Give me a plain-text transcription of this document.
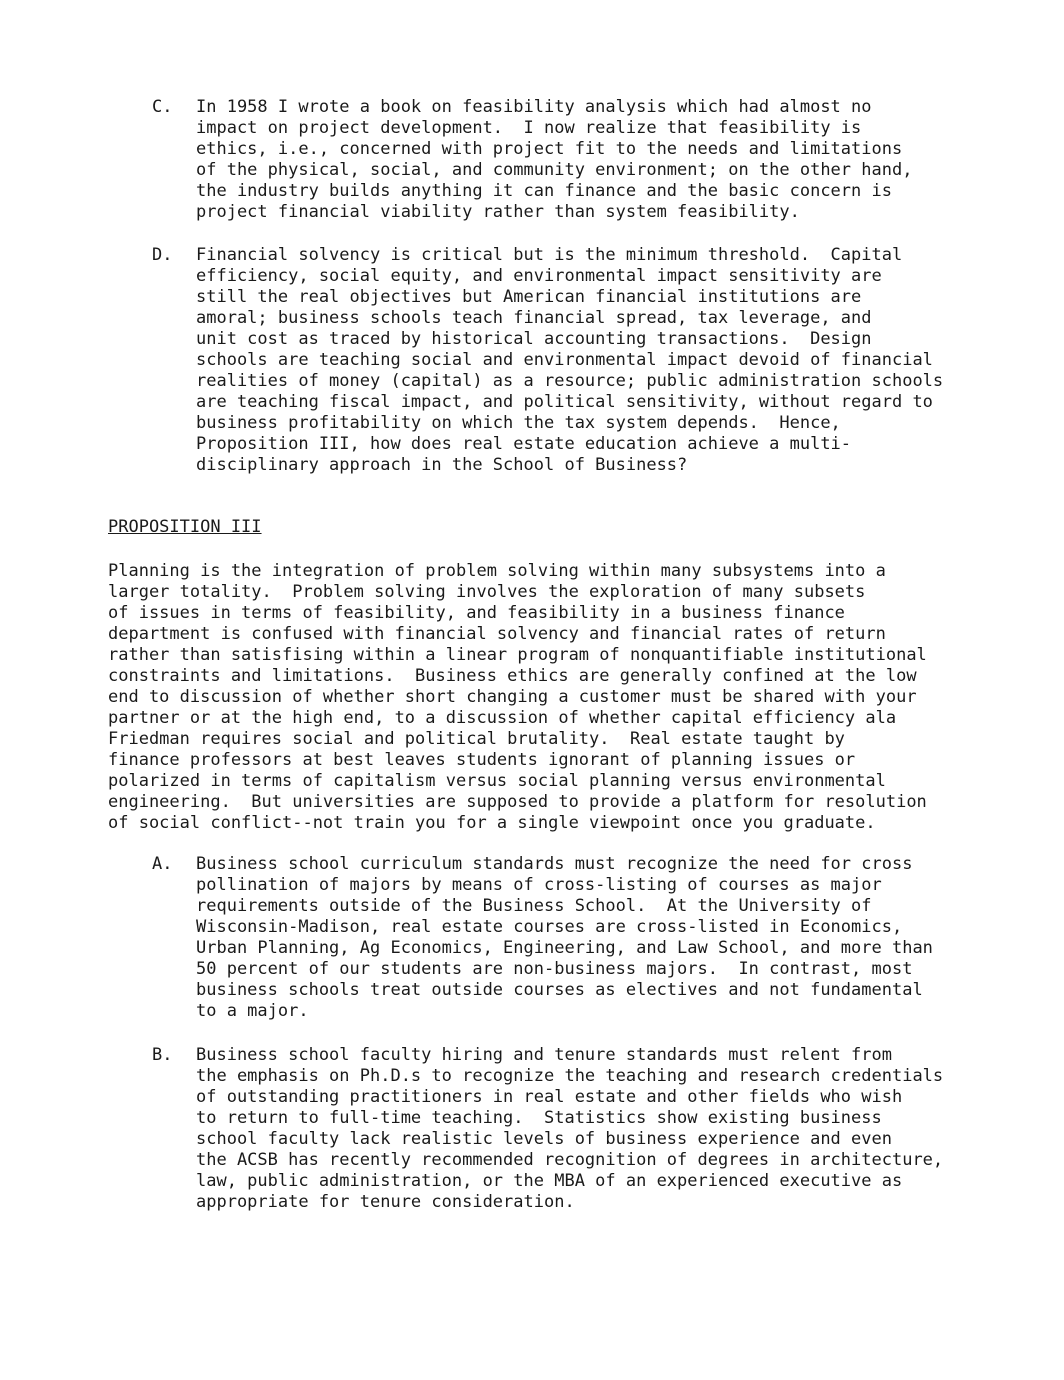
C.	In 1958 I wrote a book on feasibility analysis which had almost no
impact on project development.  I now realize that feasibility is
ethics, i.e., concerned with project fit to the needs and limitations
of the physical, social, and community environment; on the other hand,
the industry builds anything it can finance and the basic concern is
project financial viability rather than system feasibility.
D.	Financial solvency is critical but is the minimum threshold.  Capital
efficiency, social equity, and environmental impact sensitivity are
still the real objectives but American financial institutions are
amoral; business schools teach financial spread, tax leverage, and
unit cost as traced by historical accounting transactions.  Design
schools are teaching social and environmental impact devoid of financial
realities of money (capital) as a resource; public administration schools
are teaching fiscal impact, and political sensitivity, without regard to
business profitability on which the tax system depends.  Hence,
Proposition III, how does real estate education achieve a multi-
disciplinary approach in the School of Business?
PROPOSITION III
Planning is the integration of problem solving within many subsystems into a
larger totality.  Problem solving involves the exploration of many subsets
of issues in terms of feasibility, and feasibility in a business finance
department is confused with financial solvency and financial rates of return
rather than satisfising within a linear program of nonquantifiable institutional
constraints and limitations.  Business ethics are generally confined at the low
end to discussion of whether short changing a customer must be shared with your
partner or at the high end, to a discussion of whether capital efficiency ala
Friedman requires social and political brutality.  Real estate taught by
finance professors at best leaves students ignorant of planning issues or
polarized in terms of capitalism versus social planning versus environmental
engineering.  But universities are supposed to provide a platform for resolution
of social conflict--not train you for a single viewpoint once you graduate.
A.	Business school curriculum standards must recognize the need for cross
pollination of majors by means of cross-listing of courses as major
requirements outside of the Business School.  At the University of
Wisconsin-Madison, real estate courses are cross-listed in Economics,
Urban Planning, Ag Economics, Engineering, and Law School, and more than
50 percent of our students are non-business majors.  In contrast, most
business schools treat outside courses as electives and not fundamental
to a major.
B.	Business school faculty hiring and tenure standards must relent from
the emphasis on Ph.D.s to recognize the teaching and research credentials
of outstanding practitioners in real estate and other fields who wish
to return to full-time teaching.  Statistics show existing business
school faculty lack realistic levels of business experience and even
the ACSB has recently recommended recognition of degrees in architecture,
law, public administration, or the MBA of an experienced executive as
appropriate for tenure consideration.
